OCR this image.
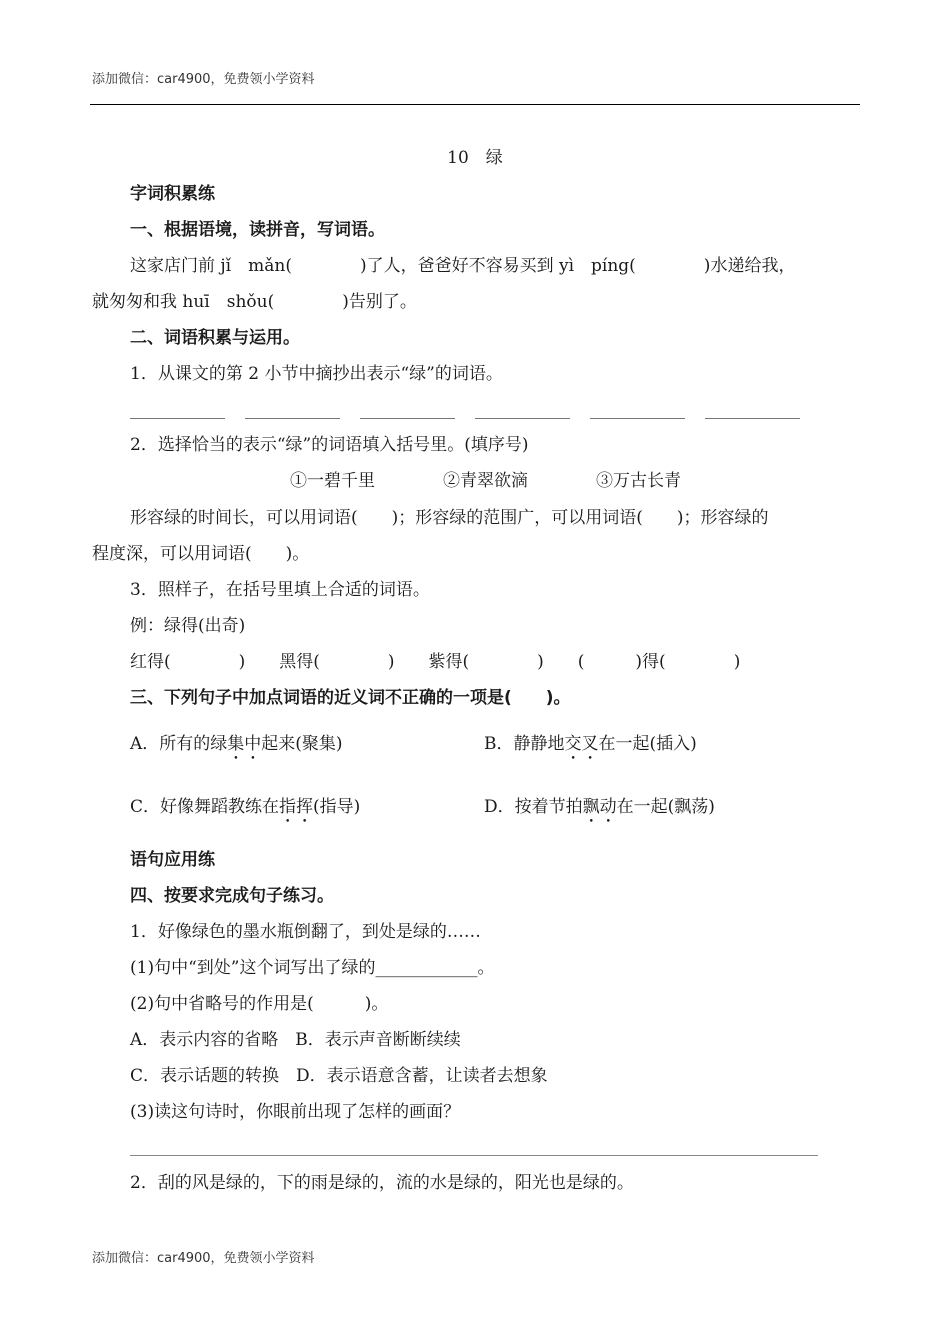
添加微信：car4900，免费领小学资料
10　绿
字词积累练
一、根据语境，读拼音，写词语。
这家店门前 jǐ　mǎn(　　　　)了人，爸爸好不容易买到 yì　píng(　　　　)水递给我，
就匆匆和我 huī　shǒu(　　　　)告别了。
二、词语积累与运用。
1．从课文的第 2 小节中摘抄出表示“绿”的词语。
2．选择恰当的表示“绿”的词语填入括号里。(填序号)
①一碧千里　　　　②青翠欲滴　　　　③万古长青
形容绿的时间长，可以用词语(　　)；形容绿的范围广，可以用词语(　　)；形容绿的
程度深，可以用词语(　　)。
3．照样子，在括号里填上合适的词语。
例：绿得(出奇)
红得(　　　　)　　黑得(　　　　)　　紫得(　　　　)　　(　　　)得(　　　　)
三、下列句子中加点词语的近义词不正确的一项是(　　)。
A．所有的绿集中起来(聚集)	B．静静地交叉在一起(插入)
C．好像舞蹈教练在指挥(指导)	D．按着节拍飘动在一起(飘荡)
语句应用练
四、按要求完成句子练习。
1．好像绿色的墨水瓶倒翻了，到处是绿的……
(1)句中“到处”这个词写出了绿的____________。
(2)句中省略号的作用是(　　　)。
A．表示内容的省略　B．表示声音断断续续
C．表示话题的转换　D．表示语意含蓄，让读者去想象
(3)读这句诗时，你眼前出现了怎样的画面？
2．刮的风是绿的，下的雨是绿的，流的水是绿的，阳光也是绿的。
添加微信：car4900，免费领小学资料
